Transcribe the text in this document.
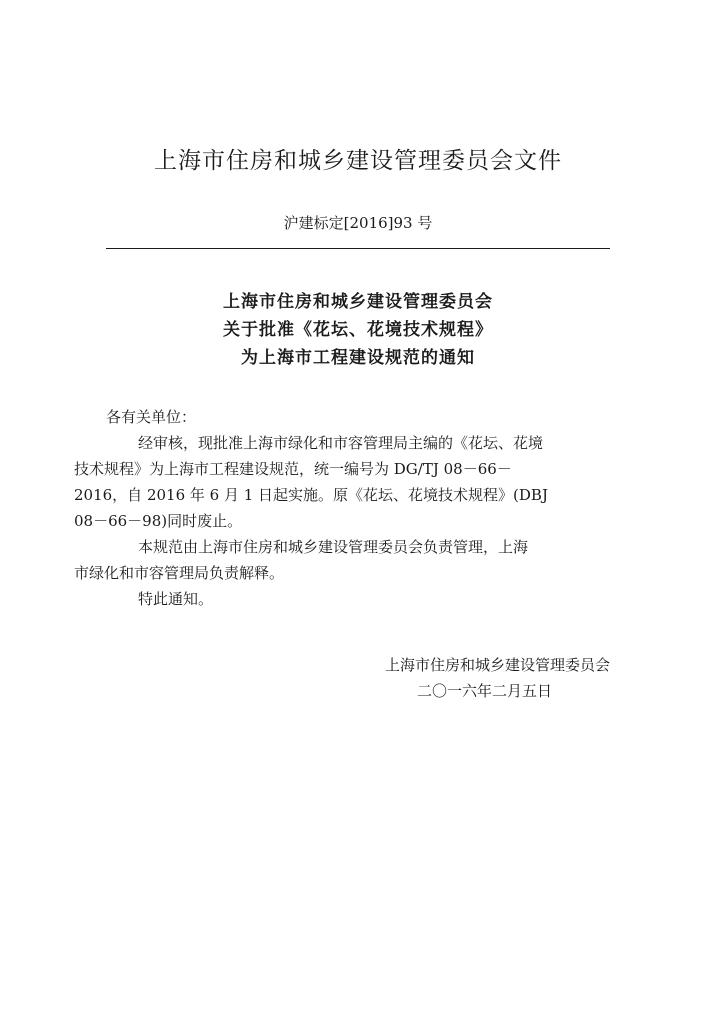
上海市住房和城乡建设管理委员会文件
沪建标定[2016]93 号
上海市住房和城乡建设管理委员会
关于批准《花坛、花境技术规程》
为上海市工程建设规范的通知

各有关单位：

经审核，现批准上海市绿化和市容管理局主编的《花坛、花境
技术规程》为上海市工程建设规范，统一编号为 DG/TJ 08－66－
2016，自 2016 年 6 月 1 日起实施。原《花坛、花境技术规程》(DBJ
08－66－98)同时废止。

本规范由上海市住房和城乡建设管理委员会负责管理，上海
市绿化和市容管理局负责解释。

特此通知。

上海市住房和城乡建设管理委员会
二〇一六年二月五日
